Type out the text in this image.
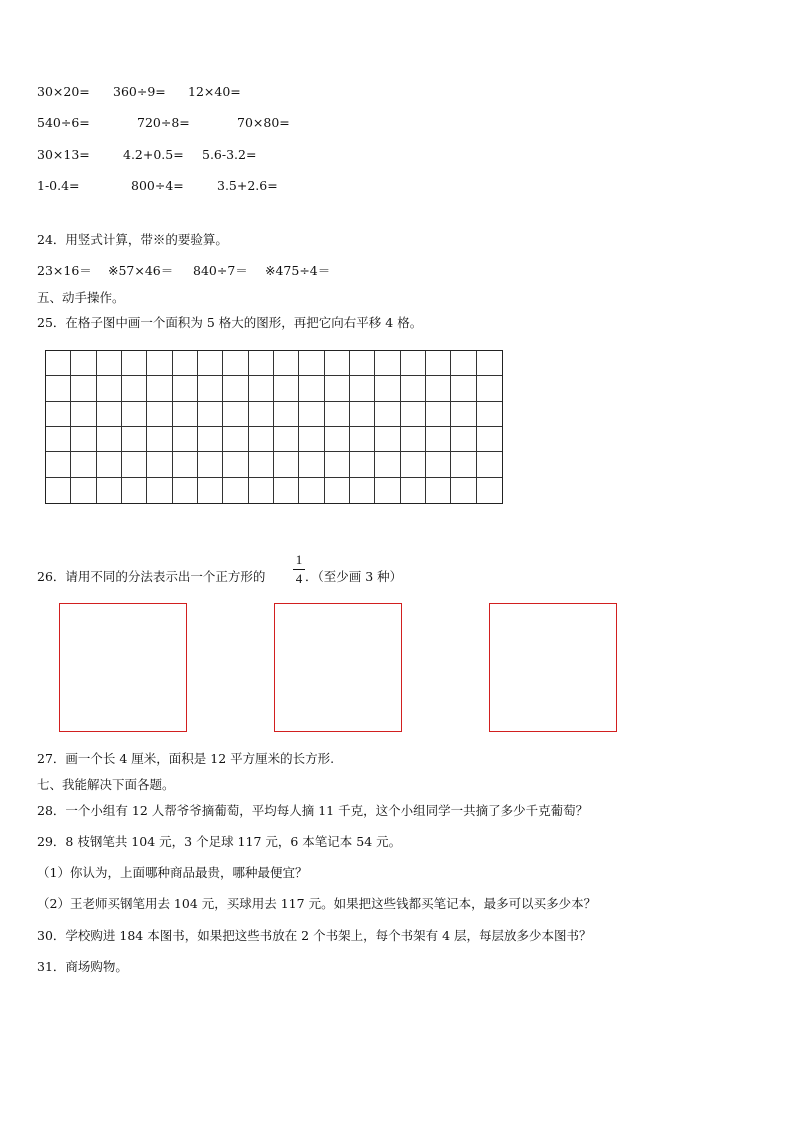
30×20= 360÷9= 12×40=
540÷6=	720÷8=	70×80=
30×13=	4.2+0.5= 5.6-3.2=
1-0.4=	800÷4=	3.5+2.6=
24．用竖式计算，带※的要验算。
23×16＝ ※57×46＝ 840÷7＝ ※475÷4＝
五、动手操作。
25．在格子图中画一个面积为 5 格大的图形，再把它向右平移 4 格。
26．请用不同的分法表示出一个正方形的
1
4 ．（至少画 3 种）
27．画一个长 4 厘米，面积是 12 平方厘米的长方形.
七、我能解决下面各题。
28．一个小组有 12 人帮爷爷摘葡萄，平均每人摘 11 千克，这个小组同学一共摘了多少千克葡萄？
29．8 枝钢笔共 104 元，3 个足球 117 元，6 本笔记本 54 元。
（1）你认为，上面哪种商品最贵，哪种最便宜？
（2）王老师买钢笔用去 104 元，买球用去 117 元。如果把这些钱都买笔记本，最多可以买多少本？
30．学校购进 184 本图书，如果把这些书放在 2 个书架上，每个书架有 4 层，每层放多少本图书？
31．商场购物。
